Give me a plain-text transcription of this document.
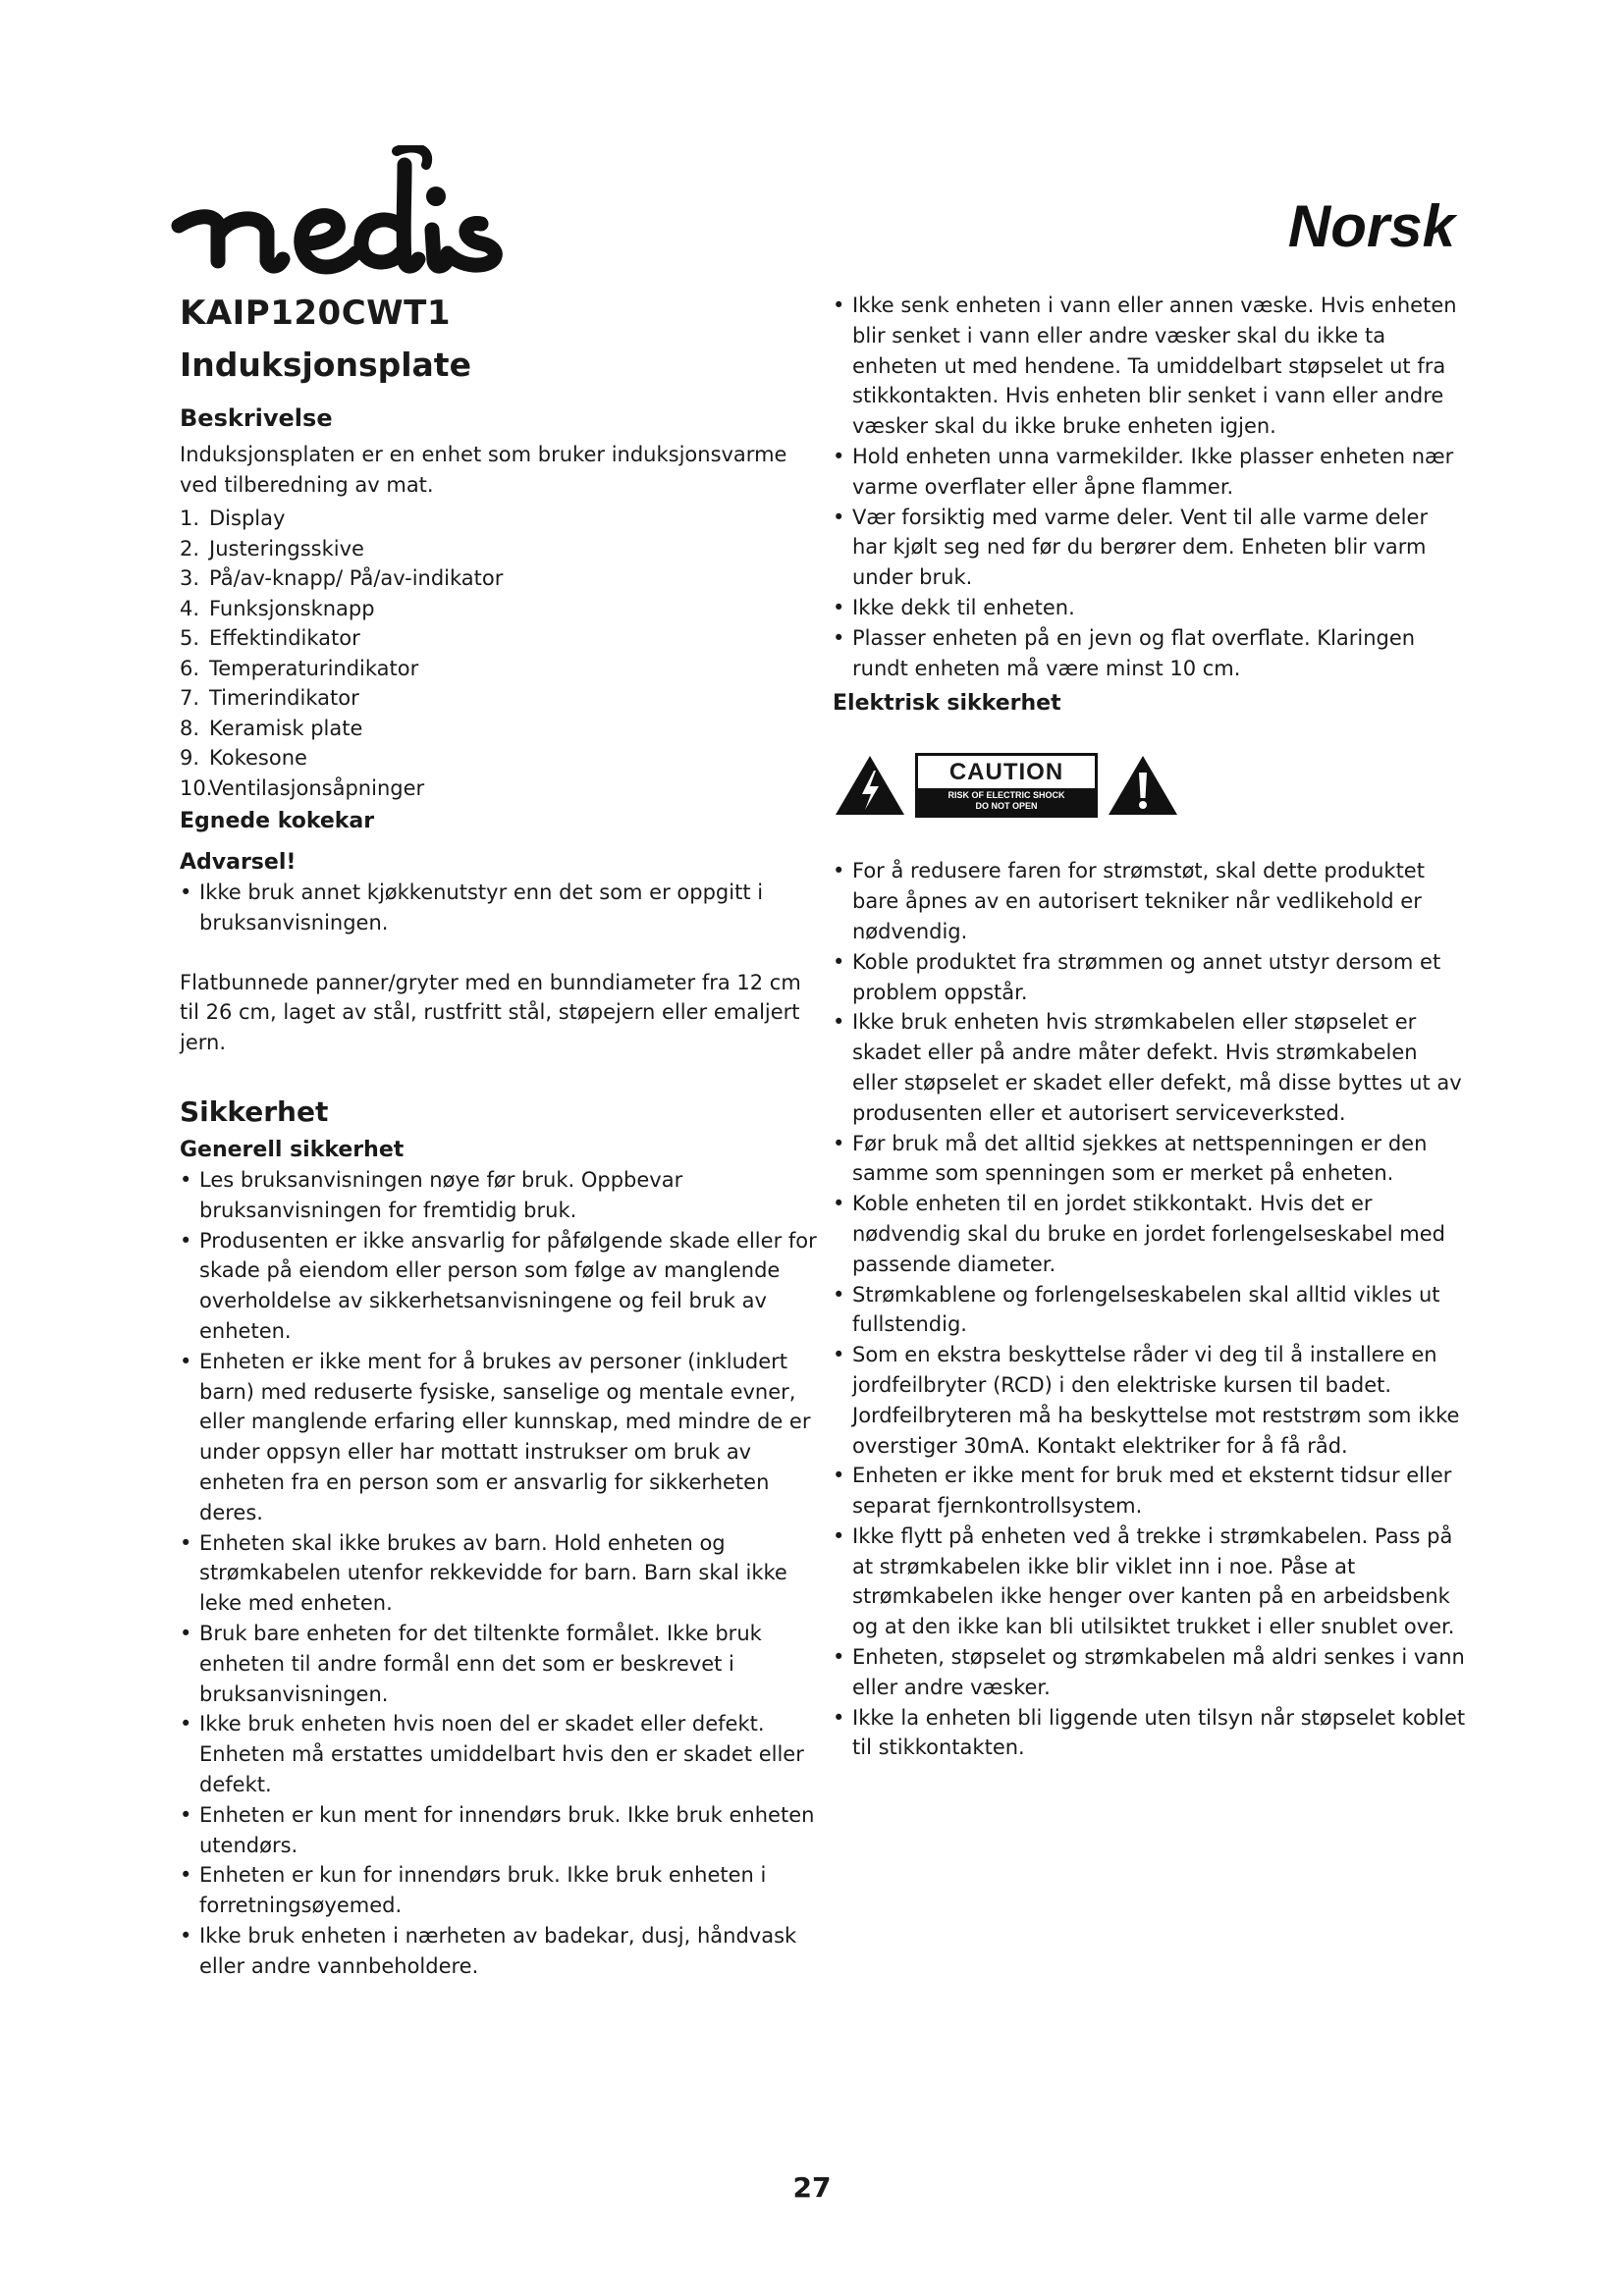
Norsk
KAIP120CWT1
Induksjonsplate
Beskrivelse

Induksjonsplaten er en enhet som bruker induksjonsvarme ved tilberedning av mat.

1. Display
2. Justeringsskive
3. På/av-knapp/ På/av-indikator
4. Funksjonsknapp
5. Effektindikator
6. Temperaturindikator
7. Timerindikator
8. Keramisk plate
9. Kokesone
10.Ventilasjonsåpninger
Egnede kokekar
Advarsel!
• Ikke bruk annet kjøkkenutstyr enn det som er oppgitt i bruksanvisningen.

Flatbunnede panner/gryter med en bunndiameter fra 12 cm til 26 cm, laget av stål, rustfritt stål, støpejern eller emaljert jern.

Sikkerhet
Generell sikkerhet
• Les bruksanvisningen nøye før bruk. Oppbevar bruksanvisningen for fremtidig bruk.
• Produsenten er ikke ansvarlig for påfølgende skade eller for skade på eiendom eller person som følge av manglende overholdelse av sikkerhetsanvisningene og feil bruk av enheten.
• Enheten er ikke ment for å brukes av personer (inkludert barn) med reduserte fysiske, sanselige og mentale evner, eller manglende erfaring eller kunnskap, med mindre de er under oppsyn eller har mottatt instrukser om bruk av enheten fra en person som er ansvarlig for sikkerheten deres.
• Enheten skal ikke brukes av barn. Hold enheten og strømkabelen utenfor rekkevidde for barn. Barn skal ikke leke med enheten.
• Bruk bare enheten for det tiltenkte formålet. Ikke bruk enheten til andre formål enn det som er beskrevet i bruksanvisningen.
• Ikke bruk enheten hvis noen del er skadet eller defekt. Enheten må erstattes umiddelbart hvis den er skadet eller defekt.
• Enheten er kun ment for innendørs bruk. Ikke bruk enheten utendørs.
• Enheten er kun for innendørs bruk. Ikke bruk enheten i forretningsøyemed.
• Ikke bruk enheten i nærheten av badekar, dusj, håndvask eller andre vannbeholdere.
• Ikke senk enheten i vann eller annen væske. Hvis enheten blir senket i vann eller andre væsker skal du ikke ta enheten ut med hendene. Ta umiddelbart støpselet ut fra stikkontakten. Hvis enheten blir senket i vann eller andre væsker skal du ikke bruke enheten igjen.
• Hold enheten unna varmekilder. Ikke plasser enheten nær varme overflater eller åpne flammer.
• Vær forsiktig med varme deler. Vent til alle varme deler har kjølt seg ned før du berører dem. Enheten blir varm under bruk.
• Ikke dekk til enheten.
• Plasser enheten på en jevn og flat overflate. Klaringen rundt enheten må være minst 10 cm.
Elektrisk sikkerhet
CAUTION
RISK OF ELECTRIC SHOCK
DO NOT OPEN
• For å redusere faren for strømstøt, skal dette produktet bare åpnes av en autorisert tekniker når vedlikehold er nødvendig.
• Koble produktet fra strømmen og annet utstyr dersom et problem oppstår.
• Ikke bruk enheten hvis strømkabelen eller støpselet er skadet eller på andre måter defekt. Hvis strømkabelen eller støpselet er skadet eller defekt, må disse byttes ut av produsenten eller et autorisert serviceverksted.
• Før bruk må det alltid sjekkes at nettspenningen er den samme som spenningen som er merket på enheten.
• Koble enheten til en jordet stikkontakt. Hvis det er nødvendig skal du bruke en jordet forlengelseskabel med passende diameter.
• Strømkablene og forlengelseskabelen skal alltid vikles ut fullstendig.
• Som en ekstra beskyttelse råder vi deg til å installere en jordfeilbryter (RCD) i den elektriske kursen til badet. Jordfeilbryteren må ha beskyttelse mot reststrøm som ikke overstiger 30mA. Kontakt elektriker for å få råd.
• Enheten er ikke ment for bruk med et eksternt tidsur eller separat fjernkontrollsystem.
• Ikke flytt på enheten ved å trekke i strømkabelen. Pass på at strømkabelen ikke blir viklet inn i noe. Påse at strømkabelen ikke henger over kanten på en arbeidsbenk og at den ikke kan bli utilsiktet trukket i eller snublet over.
• Enheten, støpselet og strømkabelen må aldri senkes i vann eller andre væsker.
• Ikke la enheten bli liggende uten tilsyn når støpselet koblet til stikkontakten.
27
